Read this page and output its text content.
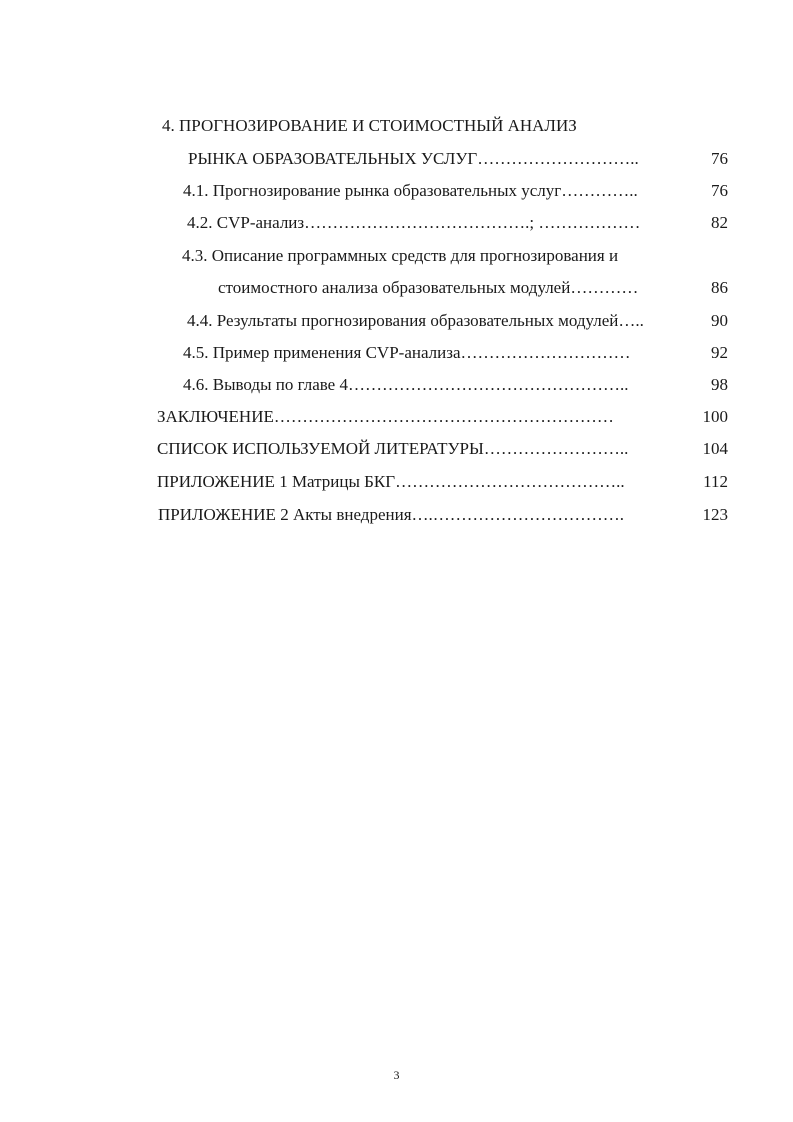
4. ПРОГНОЗИРОВАНИЕ И СТОИМОСТНЫЙ АНАЛИЗ
РЫНКА ОБРАЗОВАТЕЛЬНЫХ УСЛУГ………………………..	76
4.1. Прогнозирование рынка образовательных услуг…………..	76
4.2. CVP-анализ………………………………….; ………………	82
4.3. Описание программных средств для прогнозирования и
стоимостного анализа образовательных модулей…………	86
4.4. Результаты прогнозирования образовательных модулей…..	90
4.5. Пример применения CVP-анализа…………………………	92
4.6. Выводы по главе 4…………………………………………..	98
ЗАКЛЮЧЕНИЕ……………………………………………………	100
СПИСОК ИСПОЛЬЗУЕМОЙ ЛИТЕРАТУРЫ……………………..	104
ПРИЛОЖЕНИЕ 1 Матрицы БКГ…………………………………..	112
ПРИЛОЖЕНИЕ 2 Акты внедрения….…………………………….	123
3
